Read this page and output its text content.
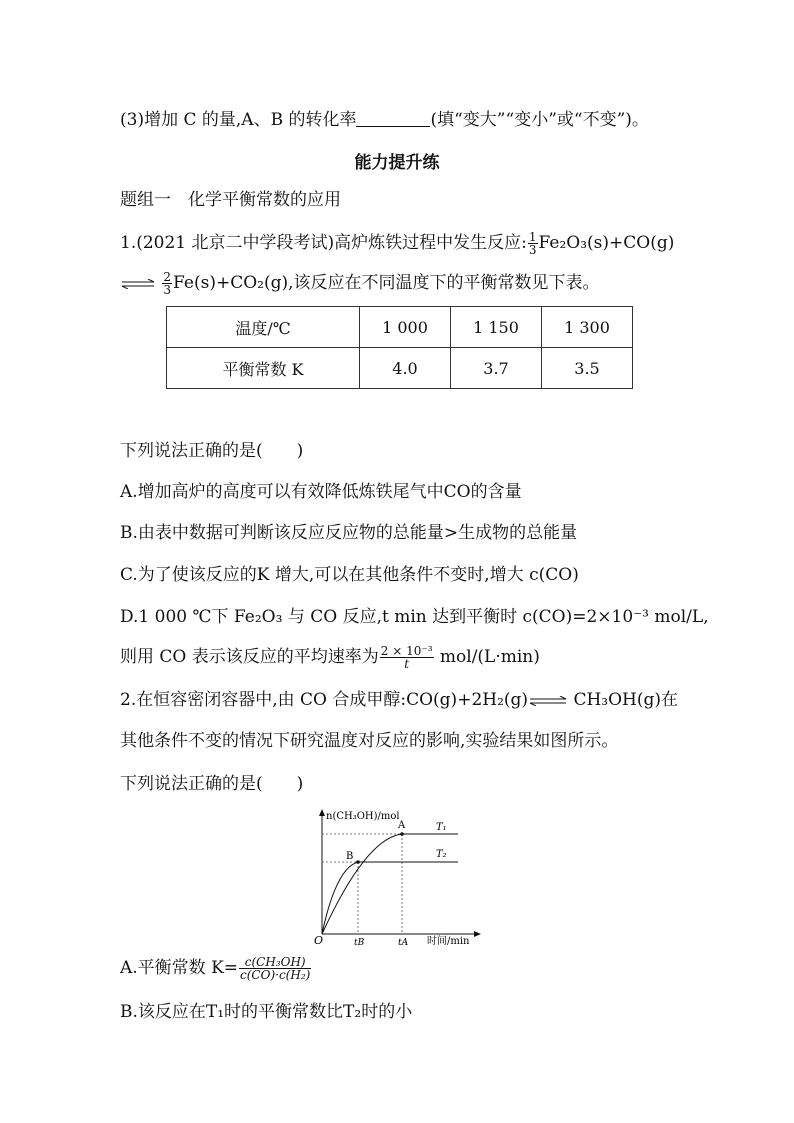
(3)增加 C 的量,A、B 的转化率	(填“变大”“变小”或“不变”)。
能力提升练
题组一　化学平衡常数的应用
1.(2021 北京二中学段考试)高炉炼铁过程中发生反应: $\frac{1}{3} Fe_2O_3(s)+CO(g)$
⇌ $\frac{2}{3} Fe(s)+CO_2(g)$,该反应在不同温度下的平衡常数见下表。
温度/℃	1 000	1 150	1 300
平衡常数 K	4.0	3.7	3.5
下列说法正确的是(　　)
A.增加高炉的高度可以有效降低炼铁尾气中CO的含量
B.由表中数据可判断该反应反应物的总能量>生成物的总能量
C.为了使该反应的K 增大,可以在其他条件不变时,增大 c(CO)
D.1 000 ℃下 Fe₂O₃ 与 CO 反应,t min 达到平衡时 c(CO)=2×10⁻³ mol/L,
则用 CO 表示该反应的平均速率为 $\frac{\text{2 × 10⁻³}}{t} mol/(L\cdot\min)$
2.在恒容密闭容器中,由 CO 合成甲醇:CO(g)+2H₂(g)⇌ CH₃OH(g)在
其他条件不变的情况下研究温度对反应的影响,实验结果如图所示。
下列说法正确的是(　　)
n(CH₃OH)/mol
时间/min
O
A
B
T₁
T₂
tB	tA
A.平衡常数 $K= \frac{\text{c(CH₃OH)}}{\text{c(CO)·c(H₂)}}$
B.该反应在T₁时的平衡常数比T₂时的小
